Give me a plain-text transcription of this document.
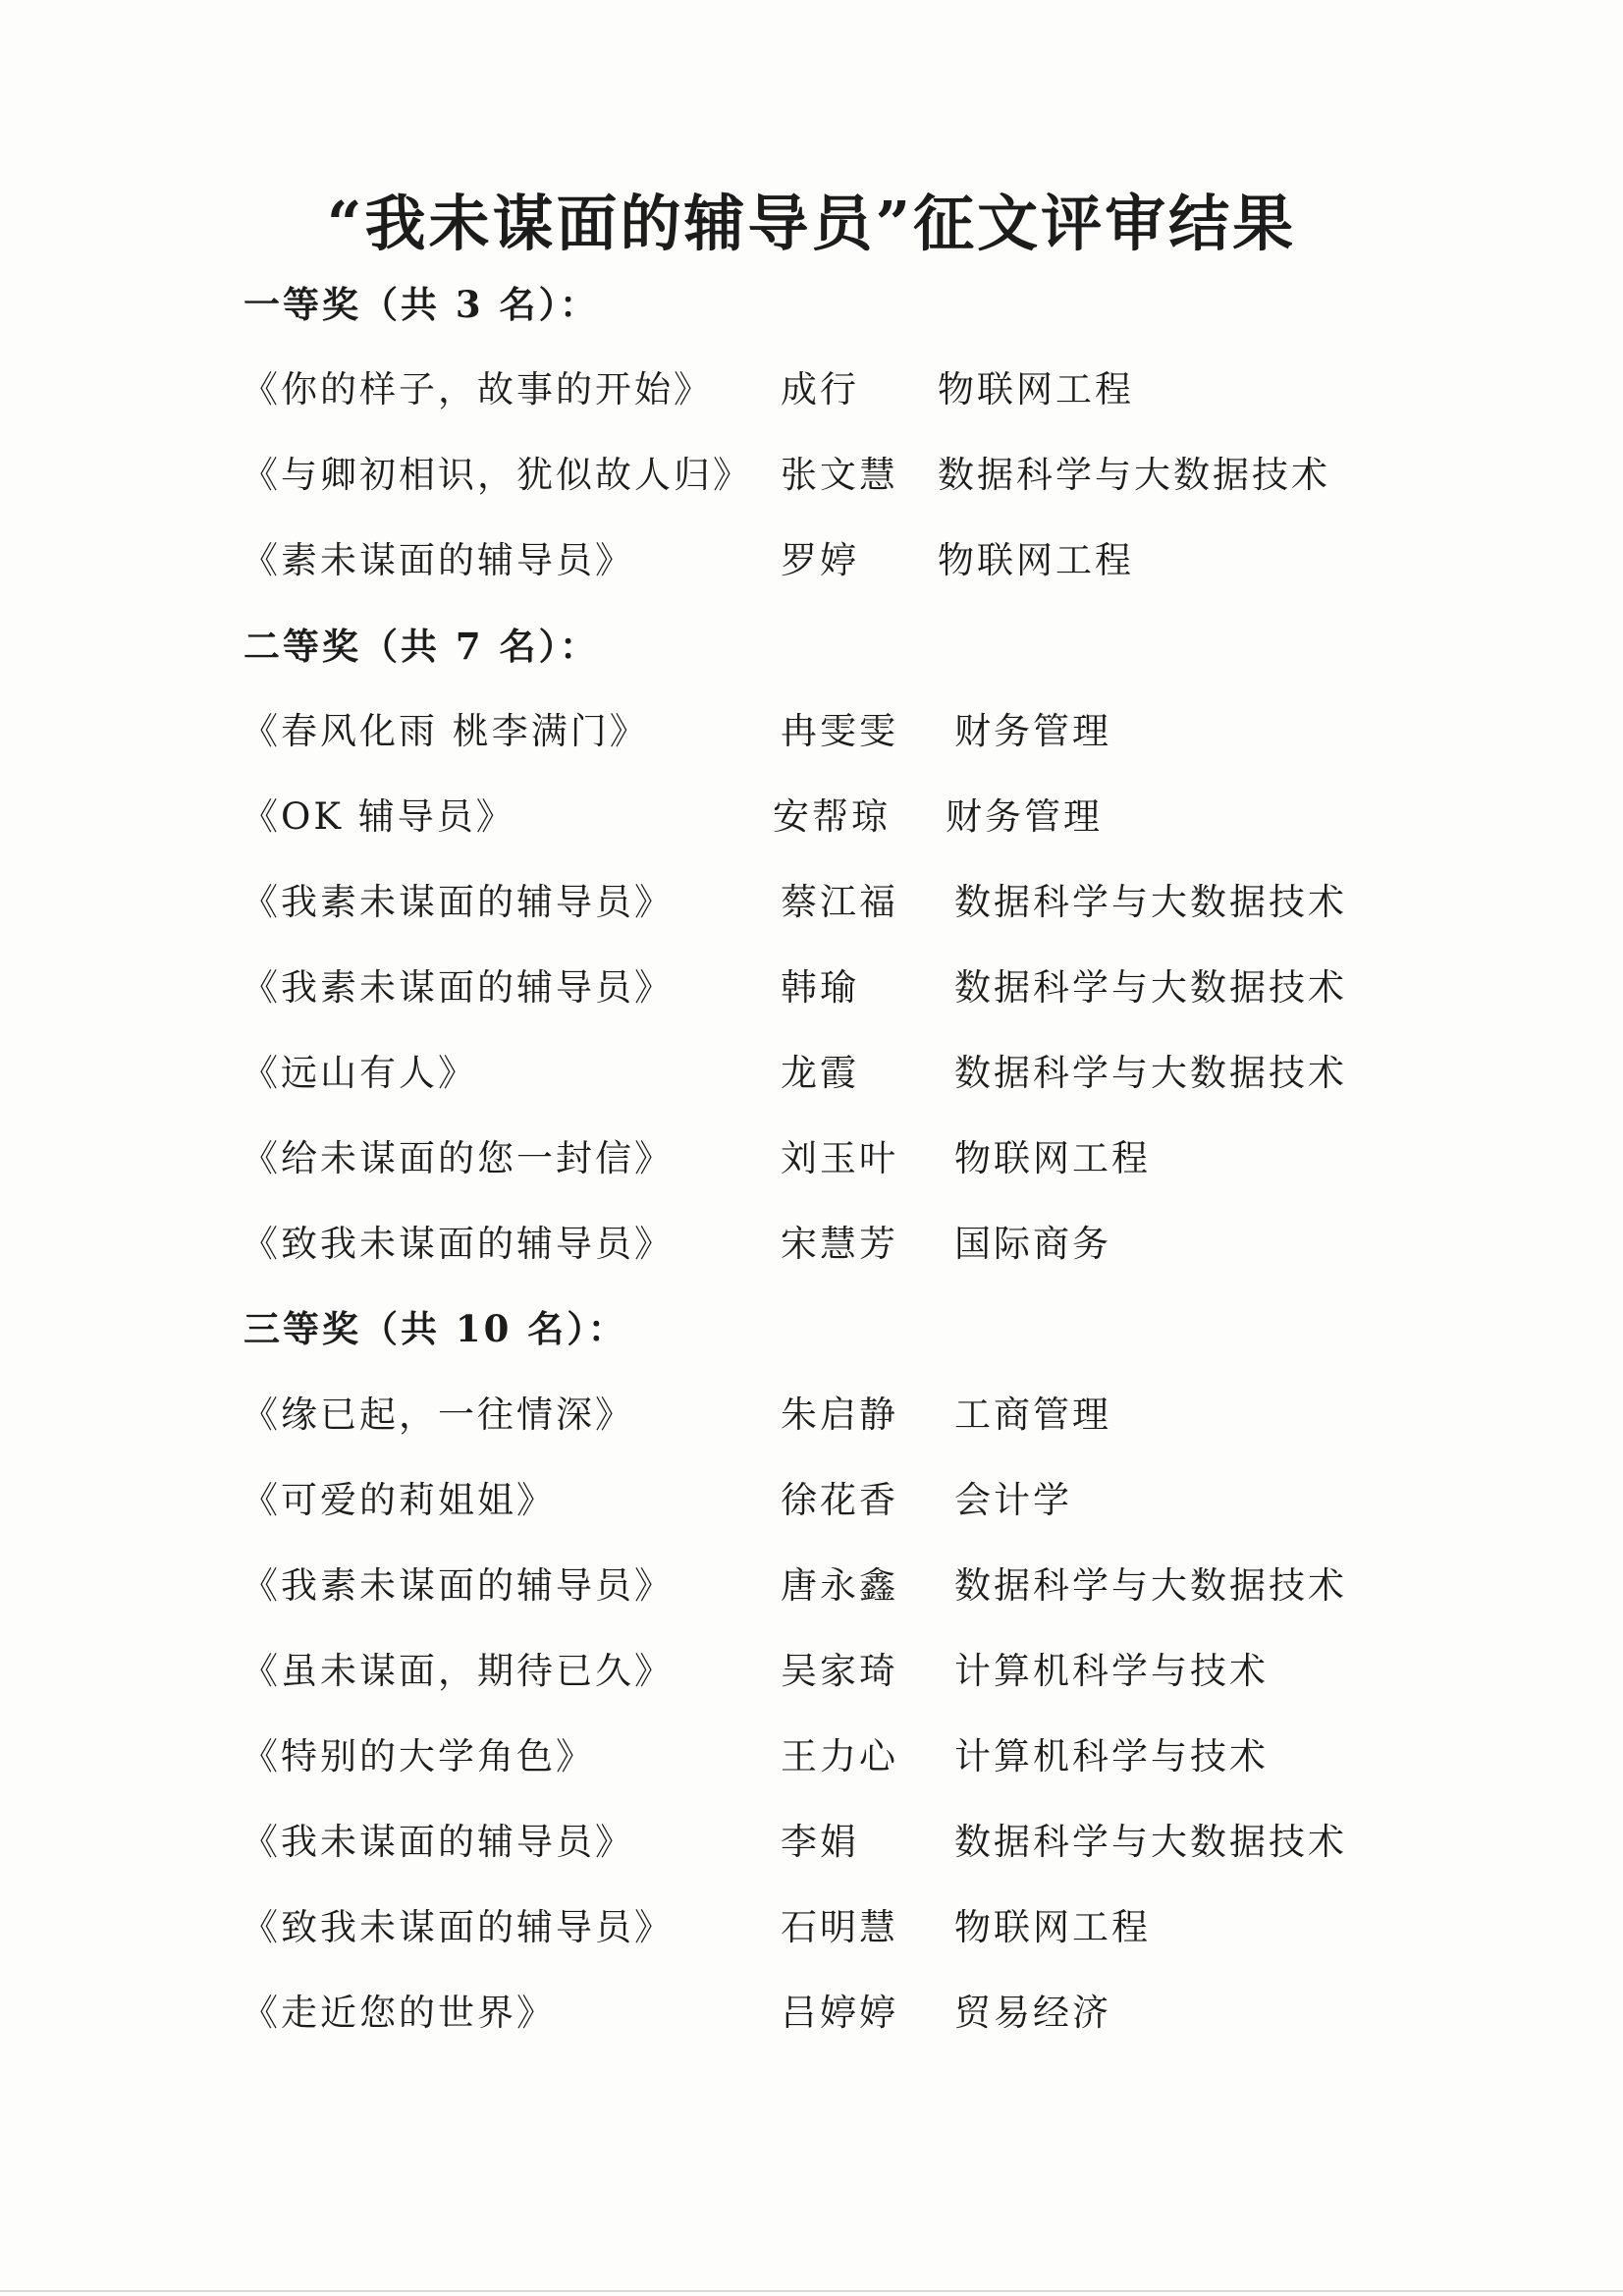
“我未谋面的辅导员”征文评审结果
一等奖（共 3 名）：
《你的样子，故事的开始》 成行 物联网工程
《与卿初相识，犹似故人归》 张文慧 数据科学与大数据技术
《素未谋面的辅导员》	罗婷 物联网工程
二等奖（共 7 名）：
《春风化雨 桃李满门》	冉雯雯 财务管理
《OK 辅导员》	安帮琼 财务管理
《我素未谋面的辅导员》	蔡江福 数据科学与大数据技术
《我素未谋面的辅导员》	韩瑜	数据科学与大数据技术
《远山有人》	龙霞	数据科学与大数据技术
《给未谋面的您一封信》	刘玉叶 物联网工程
《致我未谋面的辅导员》	宋慧芳 国际商务
三等奖（共 10 名）：
《缘已起，一往情深》	朱启静 工商管理
《可爱的莉姐姐》	徐花香 会计学
《我素未谋面的辅导员》	唐永鑫 数据科学与大数据技术
《虽未谋面，期待已久》	吴家琦 计算机科学与技术
《特别的大学角色》	王力心 计算机科学与技术
《我未谋面的辅导员》	李娟	数据科学与大数据技术
《致我未谋面的辅导员》	石明慧 物联网工程
《走近您的世界》	吕婷婷 贸易经济
